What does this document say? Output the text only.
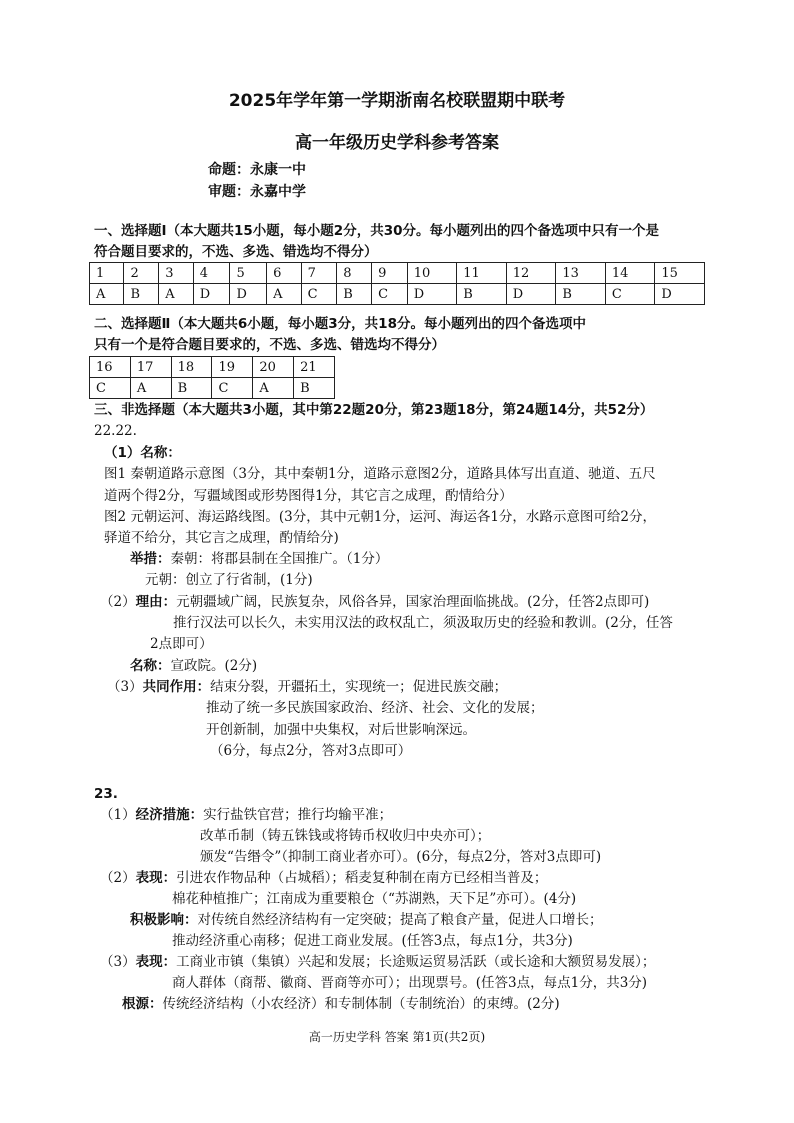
2025年学年第一学期浙南名校联盟期中联考
高一年级历史学科参考答案
命题：永康一中
审题：永嘉中学
一、选择题Ⅰ（本大题共15小题，每小题2分，共30分。每小题列出的四个备选项中只有一个是
符合题目要求的，不选、多选、错选均不得分）
1	2	3	4	5	6	7	8	9	10	11	12	13	14	15
A	B	A	D	D	A	C	B	C	D	B	D	B	C	D
二、选择题Ⅱ（本大题共6小题，每小题3分，共18分。每小题列出的四个备选项中
只有一个是符合题目要求的，不选、多选、错选均不得分）
16	17	18	19	20	21
C	A	B	C	A	B
三、非选择题（本大题共3小题，其中第22题20分，第23题18分，第24题14分，共52分）
22.22.
（1）名称：
图1 秦朝道路示意图（3分，其中秦朝1分，道路示意图2分，道路具体写出直道、驰道、五尺
道两个得2分，写疆域图或形势图得1分，其它言之成理，酌情给分）
图2 元朝运河、海运路线图。(3分，其中元朝1分，运河、海运各1分，水路示意图可给2分，
驿道不给分，其它言之成理，酌情给分)
举措：秦朝：将郡县制在全国推广。（1分）
元朝：创立了行省制，(1分)
（2）理由：元朝疆域广阔，民族复杂，风俗各异，国家治理面临挑战。(2分，任答2点即可)
推行汉法可以长久，未实用汉法的政权乱亡，须汲取历史的经验和教训。(2分，任答
2点即可）
名称：宣政院。(2分)
（3）共同作用：结束分裂，开疆拓土，实现统一；促进民族交融；
推动了统一多民族国家政治、经济、社会、文化的发展；
开创新制，加强中央集权，对后世影响深远。
（6分，每点2分，答对3点即可）
23.
（1）经济措施：实行盐铁官营；推行均输平准；
改革币制（铸五铢钱或将铸币权收归中央亦可）；
颁发“告缗令”（抑制工商业者亦可）。(6分，每点2分，答对3点即可)
（2）表现：引进农作物品种（占城稻）；稻麦复种制在南方已经相当普及；
棉花种植推广；江南成为重要粮仓（“苏湖熟，天下足”亦可）。(4分)
积极影响：对传统自然经济结构有一定突破；提高了粮食产量，促进人口增长；
推动经济重心南移；促进工商业发展。(任答3点，每点1分，共3分)
（3）表现：工商业市镇（集镇）兴起和发展；长途贩运贸易活跃（或长途和大额贸易发展）；
商人群体（商帮、徽商、晋商等亦可）；出现票号。(任答3点，每点1分，共3分)
根源：传统经济结构（小农经济）和专制体制（专制统治）的束缚。(2分)
高一历史学科 答案 第1页(共2页)
